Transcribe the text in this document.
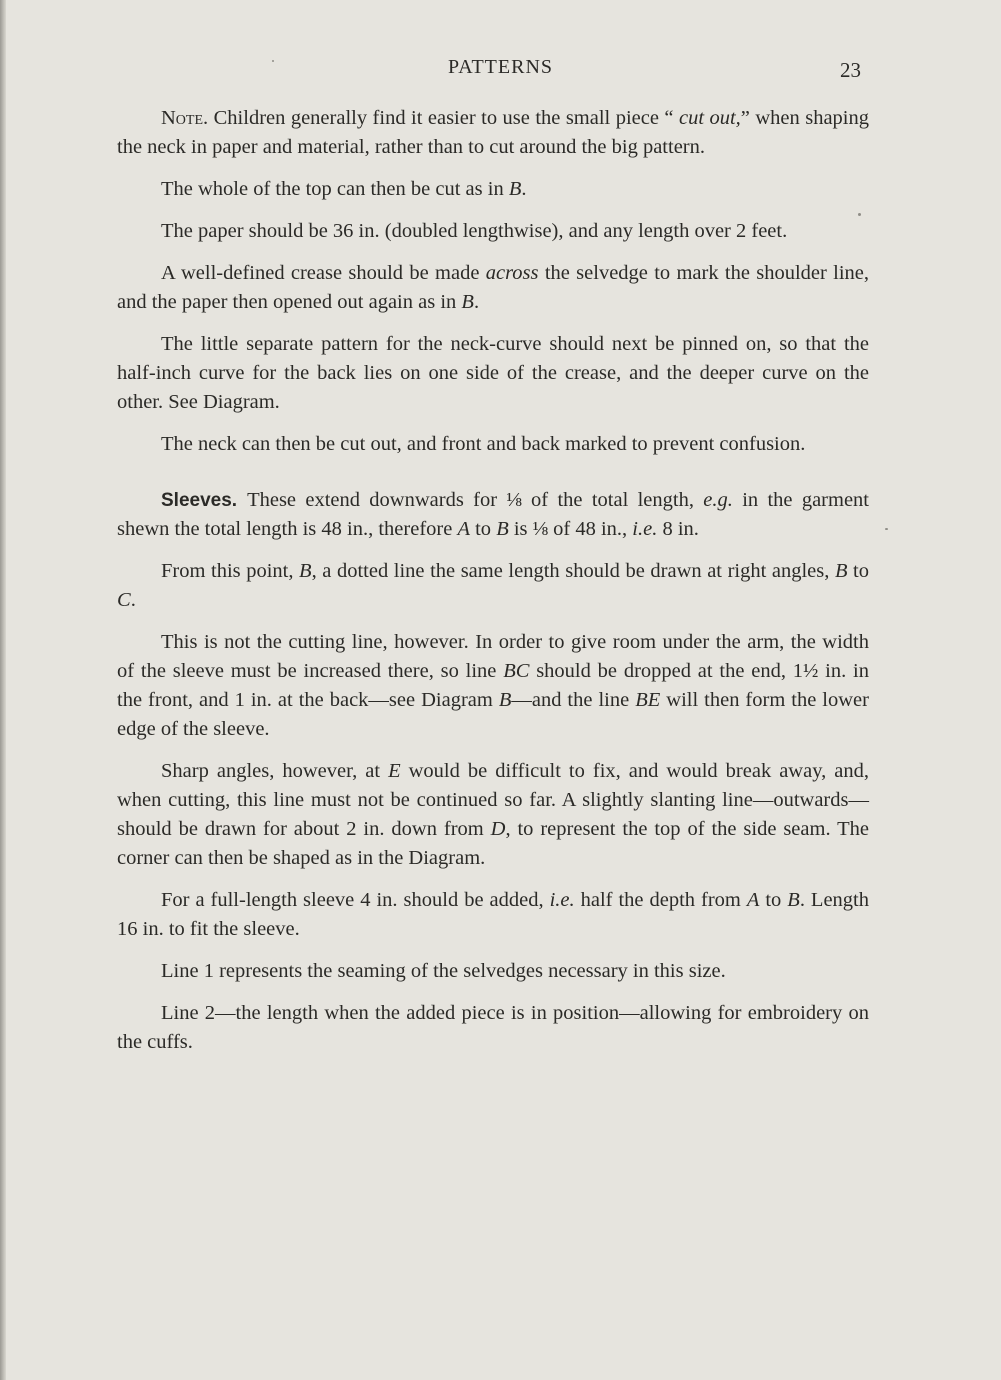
PATTERNS	23

Note. Children generally find it easier to use the small piece “ cut out,” when shaping the neck in paper and material, rather than to cut around the big pattern.

The whole of the top can then be cut as in B.

The paper should be 36 in. (doubled lengthwise), and any length over 2 feet.

A well-defined crease should be made across the selvedge to mark the shoulder line, and the paper then opened out again as in B.

The little separate pattern for the neck-curve should next be pinned on, so that the half-inch curve for the back lies on one side of the crease, and the deeper curve on the other. See Diagram.

The neck can then be cut out, and front and back marked to prevent confusion.

Sleeves. These extend downwards for ⅛ of the total length, e.g. in the garment shewn the total length is 48 in., therefore A to B is ⅛ of 48 in., i.e. 8 in.

From this point, B, a dotted line the same length should be drawn at right angles, B to C.

This is not the cutting line, however. In order to give room under the arm, the width of the sleeve must be increased there, so line BC should be dropped at the end, 1½ in. in the front, and 1 in. at the back—see Diagram B—and the line BE will then form the lower edge of the sleeve.

Sharp angles, however, at E would be difficult to fix, and would break away, and, when cutting, this line must not be continued so far. A slightly slanting line—outwards—should be drawn for about 2 in. down from D, to represent the top of the side seam. The corner can then be shaped as in the Diagram.

For a full-length sleeve 4 in. should be added, i.e. half the depth from A to B. Length 16 in. to fit the sleeve.

Line 1 represents the seaming of the selvedges necessary in this size.

Line 2—the length when the added piece is in position—allowing for embroidery on the cuffs.
